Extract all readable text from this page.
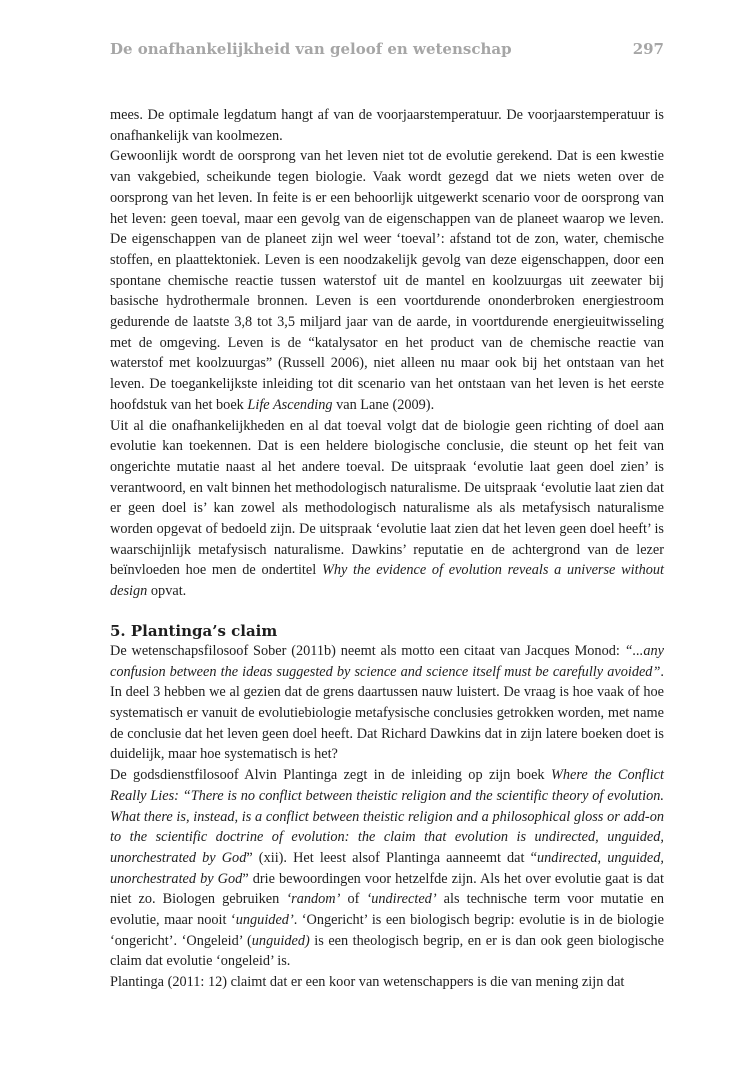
De onafhankelijkheid van geloof en wetenschap	297

mees. De optimale legdatum hangt af van de voorjaarstemperatuur. De voorjaarstemperatuur is onafhankelijk van koolmezen.

Gewoonlijk wordt de oorsprong van het leven niet tot de evolutie gerekend. Dat is een kwestie van vakgebied, scheikunde tegen biologie. Vaak wordt gezegd dat we niets weten over de oorsprong van het leven. In feite is er een behoorlijk uitgewerkt scenario voor de oorsprong van het leven: geen toeval, maar een gevolg van de eigenschappen van de planeet waarop we leven. De eigenschappen van de planeet zijn wel weer ‘toeval’: afstand tot de zon, water, chemische stoffen, en plaattektoniek. Leven is een noodzakelijk gevolg van deze eigenschappen, door een spontane chemische reactie tussen waterstof uit de mantel en koolzuurgas uit zeewater bij basische hydrothermale bronnen. Leven is een voortdurende ononderbroken energiestroom gedurende de laatste 3,8 tot 3,5 miljard jaar van de aarde, in voortdurende energieuitwisseling met de omgeving. Leven is de “katalysator en het product van de chemische reactie van waterstof met koolzuurgas” (Russell 2006), niet alleen nu maar ook bij het ontstaan van het leven. De toegankelijkste inleiding tot dit scenario van het ontstaan van het leven is het eerste hoofdstuk van het boek Life Ascending van Lane (2009).

Uit al die onafhankelijkheden en al dat toeval volgt dat de biologie geen richting of doel aan evolutie kan toekennen. Dat is een heldere biologische conclusie, die steunt op het feit van ongerichte mutatie naast al het andere toeval. De uitspraak ‘evolutie laat geen doel zien’ is verantwoord, en valt binnen het methodologisch naturalisme. De uitspraak ‘evolutie laat zien dat er geen doel is’ kan zowel als methodologisch naturalisme als als metafysisch naturalisme worden opgevat of bedoeld zijn. De uitspraak ‘evolutie laat zien dat het leven geen doel heeft’ is waarschijnlijk metafysisch naturalisme. Dawkins’ reputatie en de achtergrond van de lezer beïnvloeden hoe men de ondertitel Why the evidence of evolution reveals a universe without design opvat.

5. Plantinga’s claim

De wetenschapsfilosoof Sober (2011b) neemt als motto een citaat van Jacques Monod: “...any confusion between the ideas suggested by science and science itself must be carefully avoided”. In deel 3 hebben we al gezien dat de grens daartussen nauw luistert. De vraag is hoe vaak of hoe systematisch er vanuit de evolutiebiologie metafysische conclusies getrokken worden, met name de conclusie dat het leven geen doel heeft. Dat Richard Dawkins dat in zijn latere boeken doet is duidelijk, maar hoe systematisch is het?

De godsdienstfilosoof Alvin Plantinga zegt in de inleiding op zijn boek Where the Conflict Really Lies: “There is no conflict between theistic religion and the scientific theory of evolution. What there is, instead, is a conflict between theistic religion and a philosophical gloss or add-on to the scientific doctrine of evolution: the claim that evolution is undirected, unguided, unorchestrated by God” (xii). Het leest alsof Plantinga aanneemt dat “undirected, unguided, unorchestrated by God” drie bewoordingen voor hetzelfde zijn. Als het over evolutie gaat is dat niet zo. Biologen gebruiken ‘random’ of ‘undirected’ als technische term voor mutatie en evolutie, maar nooit ‘unguided’. ‘Ongericht’ is een biologisch begrip: evolutie is in de biologie ‘ongericht’. ‘Ongeleid’ (unguided) is een theologisch begrip, en er is dan ook geen biologische claim dat evolutie ‘ongeleid’ is.

Plantinga (2011: 12) claimt dat er een koor van wetenschappers is die van mening zijn dat
